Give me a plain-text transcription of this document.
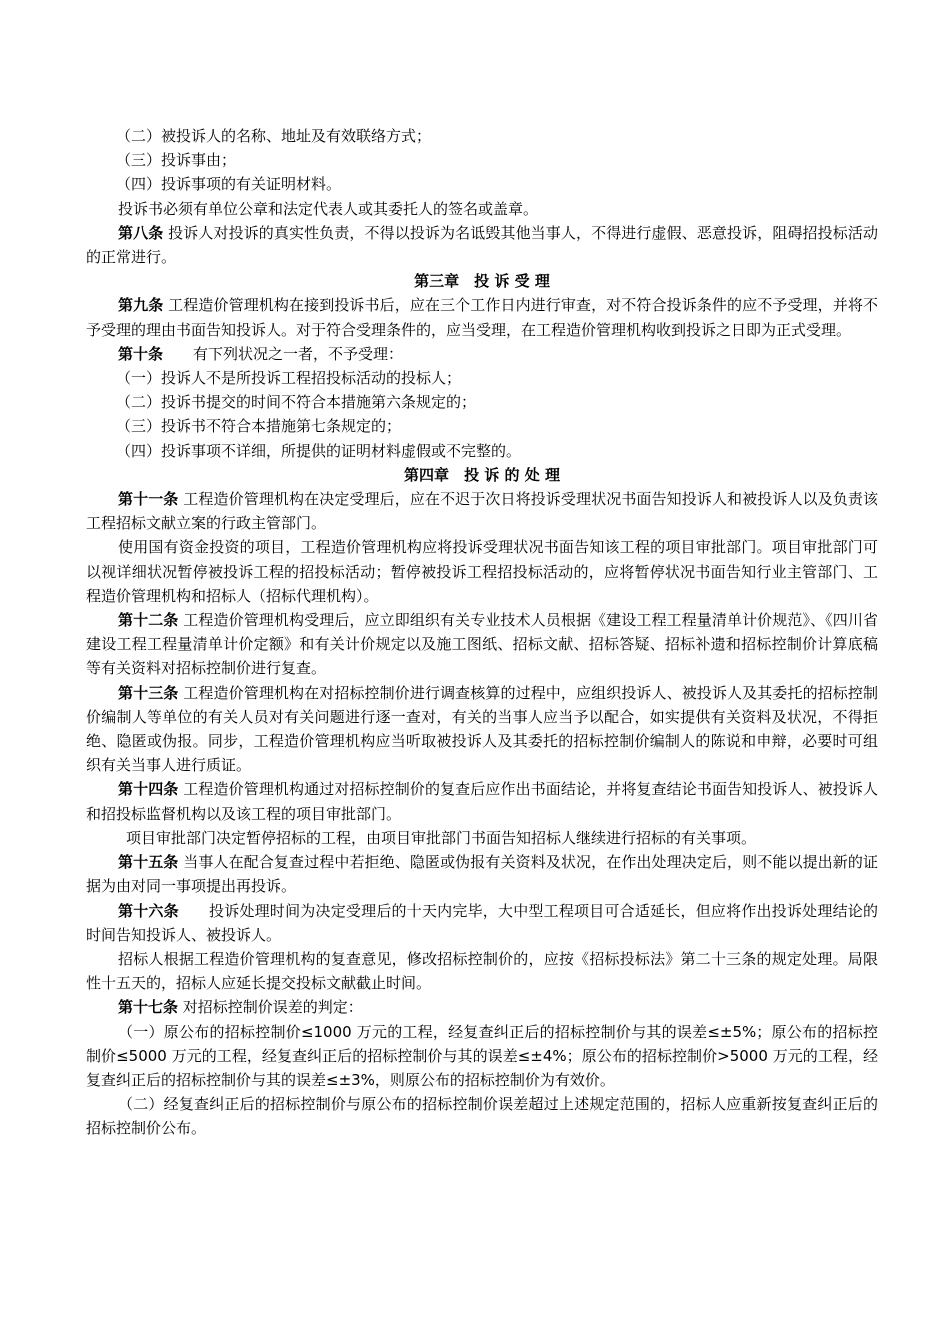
（二）被投诉人的名称、地址及有效联络方式；

（三）投诉事由；

（四）投诉事项的有关证明材料。

投诉书必须有单位公章和法定代表人或其委托人的签名或盖章。

第八条 投诉人对投诉的真实性负责，不得以投诉为名诋毁其他当事人，不得进行虚假、恶意投诉，阻碍招投标活动的正常进行。

第三章 投 诉 受 理

第九条 工程造价管理机构在接到投诉书后，应在三个工作日内进行审查，对不符合投诉条件的应不予受理，并将不予受理的理由书面告知投诉人。对于符合受理条件的，应当受理，在工程造价管理机构收到投诉之日即为正式受理。

第十条 有下列状况之一者，不予受理：

（一）投诉人不是所投诉工程招投标活动的投标人；

（二）投诉书提交的时间不符合本措施第六条规定的；

（三）投诉书不符合本措施第七条规定的；

（四）投诉事项不详细，所提供的证明材料虚假或不完整的。

第四章 投 诉 的 处 理

第十一条 工程造价管理机构在决定受理后，应在不迟于次日将投诉受理状况书面告知投诉人和被投诉人以及负责该工程招标文献立案的行政主管部门。

使用国有资金投资的项目，工程造价管理机构应将投诉受理状况书面告知该工程的项目审批部门。项目审批部门可以视详细状况暂停被投诉工程的招投标活动；暂停被投诉工程招投标活动的，应将暂停状况书面告知行业主管部门、工程造价管理机构和招标人（招标代理机构）。

第十二条 工程造价管理机构受理后，应立即组织有关专业技术人员根据《建设工程工程量清单计价规范》、《四川省建设工程工程量清单计价定额》和有关计价规定以及施工图纸、招标文献、招标答疑、招标补遗和招标控制价计算底稿等有关资料对招标控制价进行复查。

第十三条 工程造价管理机构在对招标控制价进行调查核算的过程中，应组织投诉人、被投诉人及其委托的招标控制价编制人等单位的有关人员对有关问题进行逐一查对，有关的当事人应当予以配合，如实提供有关资料及状况，不得拒绝、隐匿或伪报。同步，工程造价管理机构应当听取被投诉人及其委托的招标控制价编制人的陈说和申辩，必要时可组织有关当事人进行质证。

第十四条 工程造价管理机构通过对招标控制价的复查后应作出书面结论，并将复查结论书面告知投诉人、被投诉人和招投标监督机构以及该工程的项目审批部门。

项目审批部门决定暂停招标的工程，由项目审批部门书面告知招标人继续进行招标的有关事项。

第十五条 当事人在配合复查过程中若拒绝、隐匿或伪报有关资料及状况，在作出处理决定后，则不能以提出新的证据为由对同一事项提出再投诉。

第十六条 投诉处理时间为决定受理后的十天内完毕，大中型工程项目可合适延长，但应将作出投诉处理结论的时间告知投诉人、被投诉人。

招标人根据工程造价管理机构的复查意见，修改招标控制价的，应按《招标投标法》第二十三条的规定处理。局限性十五天的，招标人应延长提交投标文献截止时间。

第十七条 对招标控制价误差的判定：

（一）原公布的招标控制价≤1000 万元的工程，经复查纠正后的招标控制价与其的误差≤±5%；原公布的招标控制价≤5000 万元的工程，经复查纠正后的招标控制价与其的误差≤±4%；原公布的招标控制价>5000 万元的工程，经复查纠正后的招标控制价与其的误差≤±3%，则原公布的招标控制价为有效价。

（二）经复查纠正后的招标控制价与原公布的招标控制价误差超过上述规定范围的，招标人应重新按复查纠正后的招标控制价公布。
